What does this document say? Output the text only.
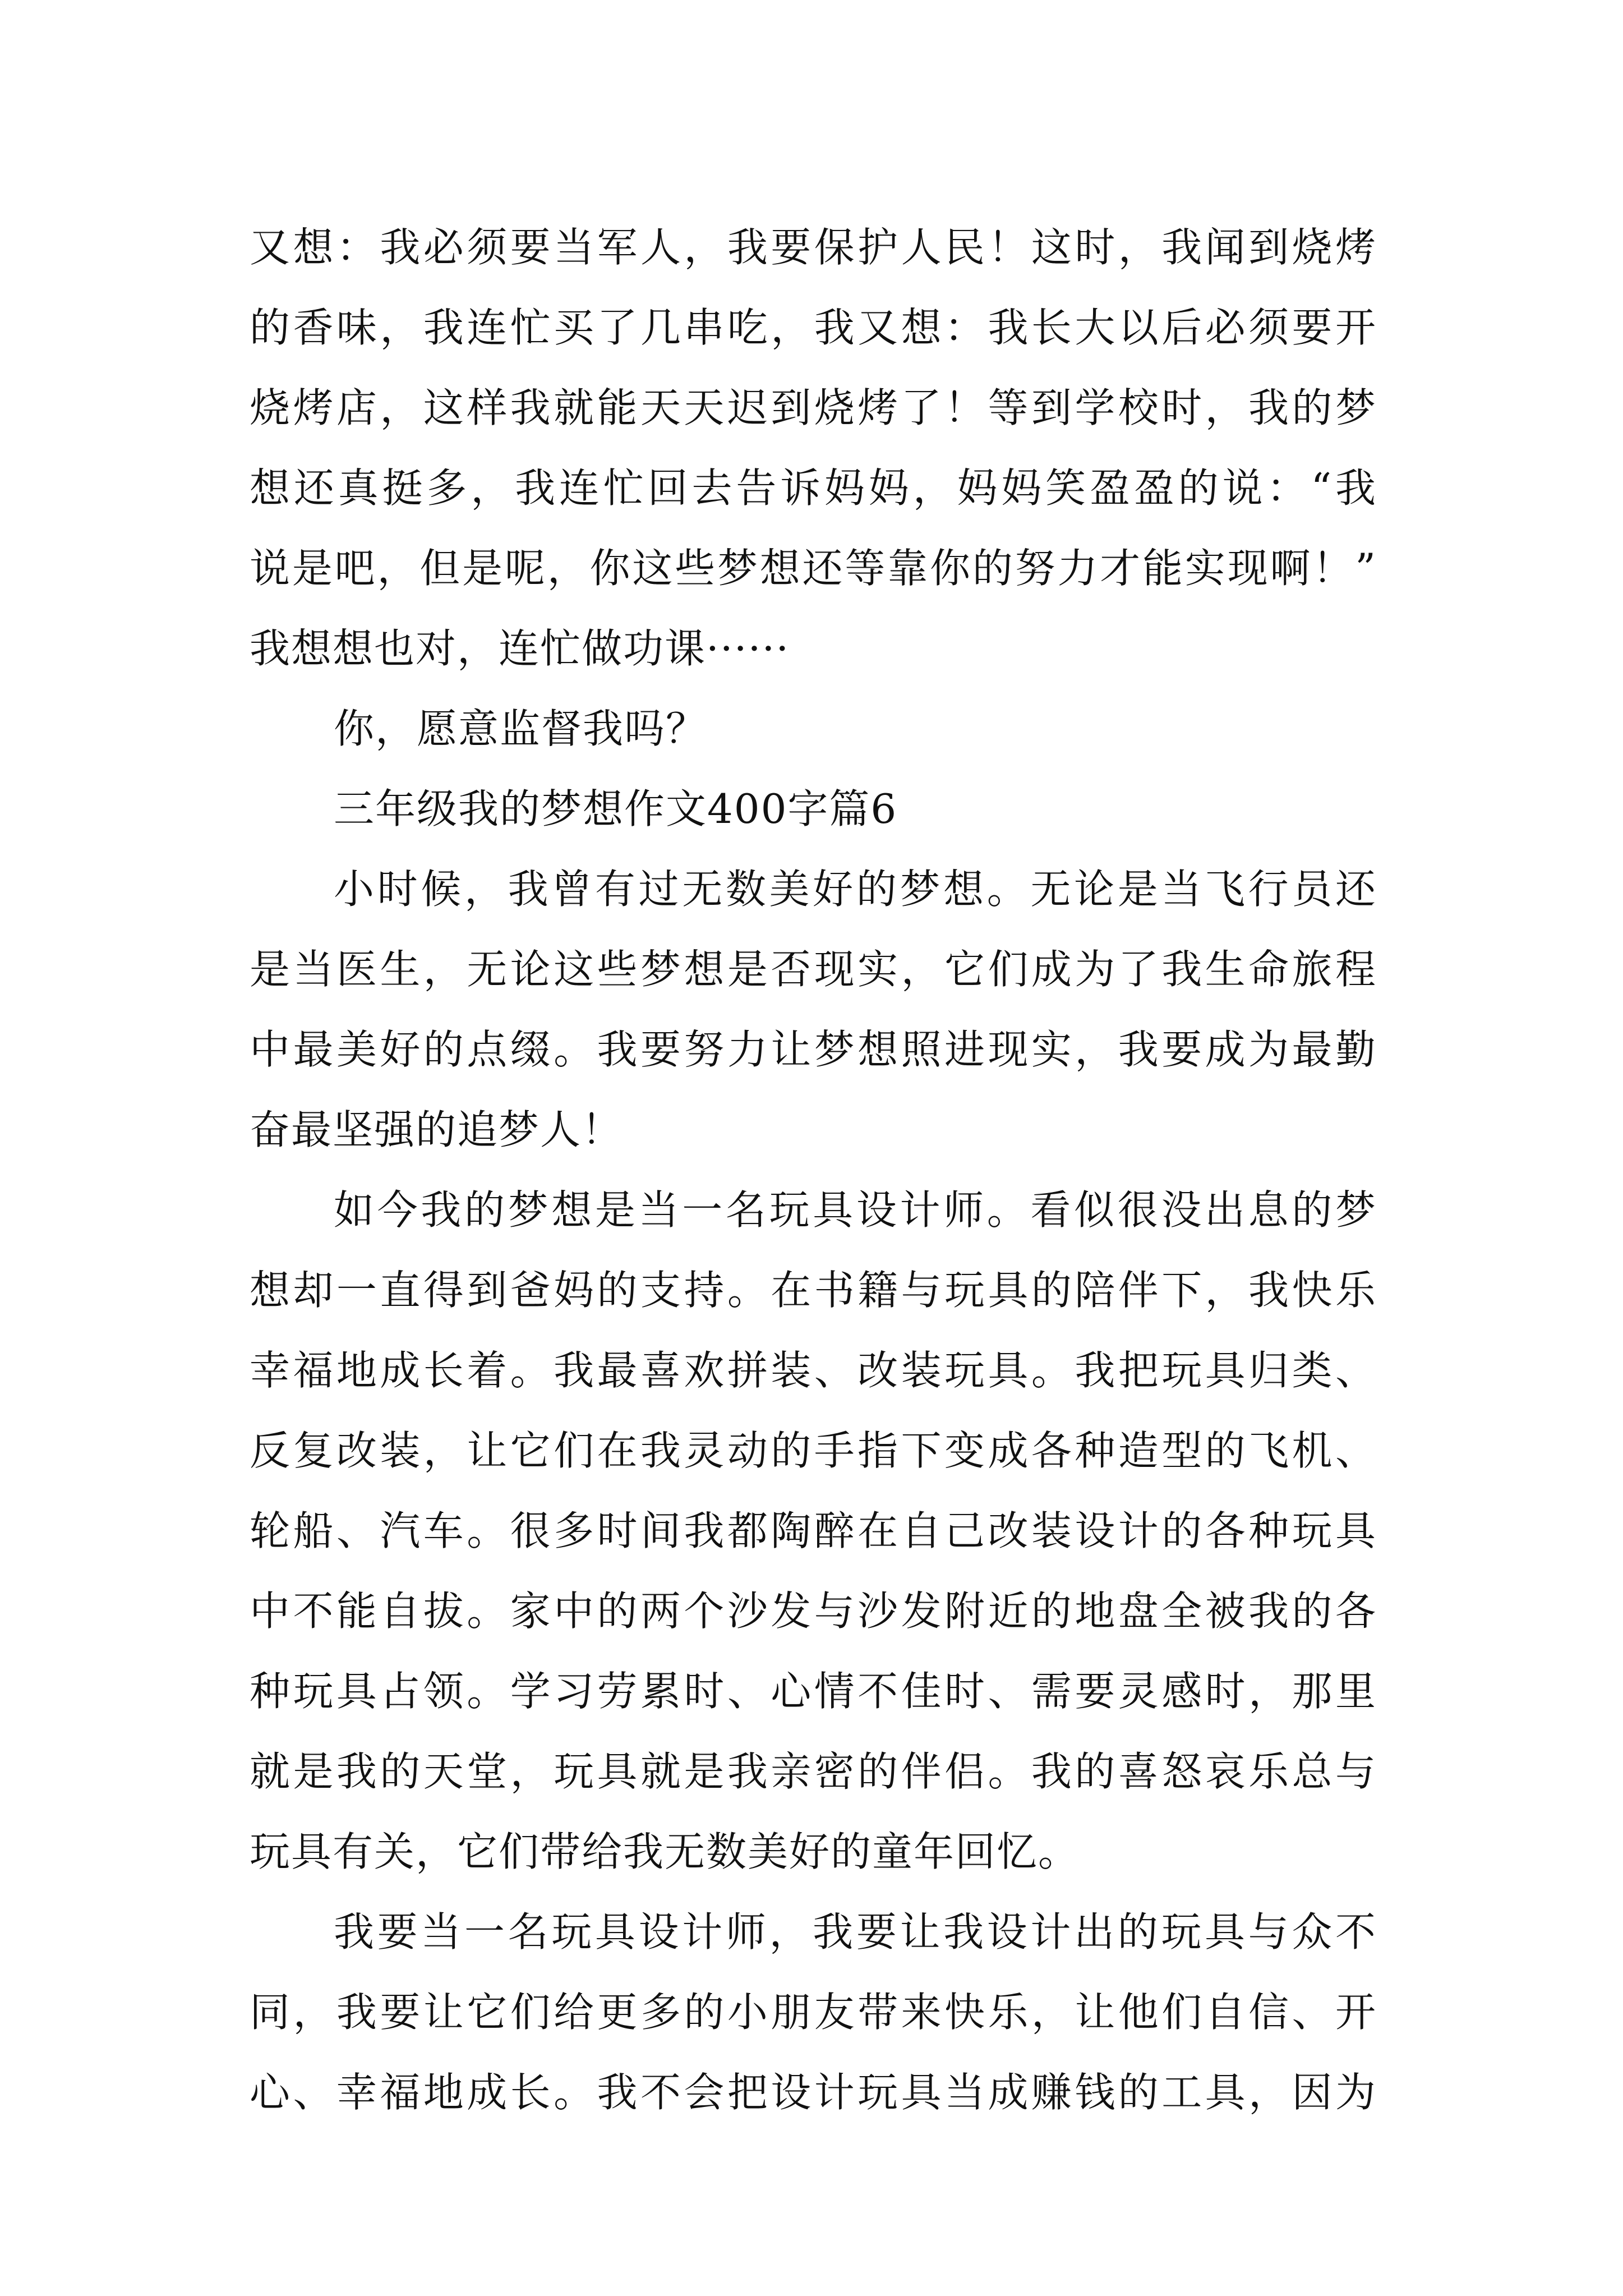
又想：我必须要当军人，我要保护人民！这时，我闻到烧烤
的香味，我连忙买了几串吃，我又想：我长大以后必须要开
烧烤店，这样我就能天天迟到烧烤了！等到学校时，我的梦
想还真挺多，我连忙回去告诉妈妈，妈妈笑盈盈的说：“我
说是吧，但是呢，你这些梦想还等靠你的努力才能实现啊！”
我想想也对，连忙做功课······
你，愿意监督我吗？
三年级我的梦想作文400字篇6
小时候，我曾有过无数美好的梦想。无论是当飞行员还
是当医生，无论这些梦想是否现实，它们成为了我生命旅程
中最美好的点缀。我要努力让梦想照进现实，我要成为最勤
奋最坚强的追梦人！
如今我的梦想是当一名玩具设计师。看似很没出息的梦
想却一直得到爸妈的支持。在书籍与玩具的陪伴下，我快乐
幸福地成长着。我最喜欢拼装、改装玩具。我把玩具归类、
反复改装，让它们在我灵动的手指下变成各种造型的飞机、
轮船、汽车。很多时间我都陶醉在自己改装设计的各种玩具
中不能自拔。家中的两个沙发与沙发附近的地盘全被我的各
种玩具占领。学习劳累时、心情不佳时、需要灵感时，那里
就是我的天堂，玩具就是我亲密的伴侣。我的喜怒哀乐总与
玩具有关，它们带给我无数美好的童年回忆。
我要当一名玩具设计师，我要让我设计出的玩具与众不
同，我要让它们给更多的小朋友带来快乐，让他们自信、开
心、幸福地成长。我不会把设计玩具当成赚钱的工具，因为
